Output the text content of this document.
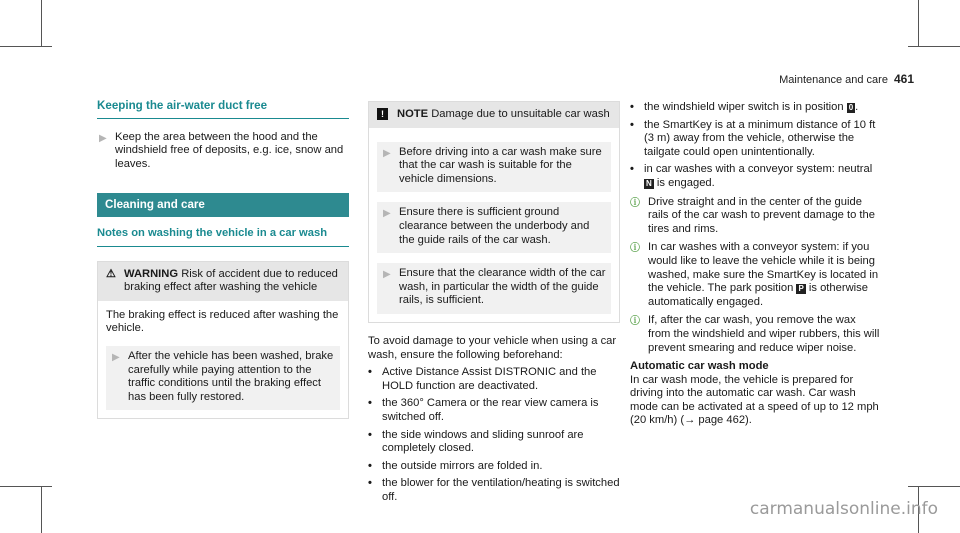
Maintenance and care 461
Keeping the air-water duct free
▶ Keep the area between the hood and the windshield free of deposits, e.g. ice, snow and leaves.
Cleaning and care
Notes on washing the vehicle in a car wash
⚠ WARNING Risk of accident due to reduced braking effect after washing the vehicle
The braking effect is reduced after washing the vehicle.
▶ After the vehicle has been washed, brake carefully while paying attention to the traffic conditions until the braking effect has been fully restored.
!	NOTE Damage due to unsuitable car wash
▶ Before driving into a car wash make sure that the car wash is suitable for the vehicle dimensions.
▶ Ensure there is sufficient ground clearance between the underbody and the guide rails of the car wash.
▶ Ensure that the clearance width of the car wash, in particular the width of the guide rails, is sufficient.
To avoid damage to your vehicle when using a car wash, ensure the following beforehand:
• Active Distance Assist DISTRONIC and the HOLD function are deactivated.
• the 360° Camera or the rear view camera is switched off.
• the side windows and sliding sunroof are completely closed.
• the outside mirrors are folded in.
• the blower for the ventilation/heating is switched off.
• the windshield wiper switch is in position 0 .
• the SmartKey is at a minimum distance of 10 ft (3 m) away from the vehicle, otherwise the tailgate could open unintentionally.
• in car washes with a conveyor system: neutral N is engaged.
ⓘ Drive straight and in the center of the guide rails of the car wash to prevent damage to the tires and rims.
ⓘ In car washes with a conveyor system: if you would like to leave the vehicle while it is being washed, make sure the SmartKey is located in the vehicle. The park position P is otherwise automatically engaged.
ⓘ If, after the car wash, you remove the wax from the windshield and wiper rubbers, this will prevent smearing and reduce wiper noise.
Automatic car wash mode
In car wash mode, the vehicle is prepared for driving into the automatic car wash. Car wash mode can be activated at a speed of up to 12 mph (20 km/h) (→ page 462).
carmanualsonline.info
